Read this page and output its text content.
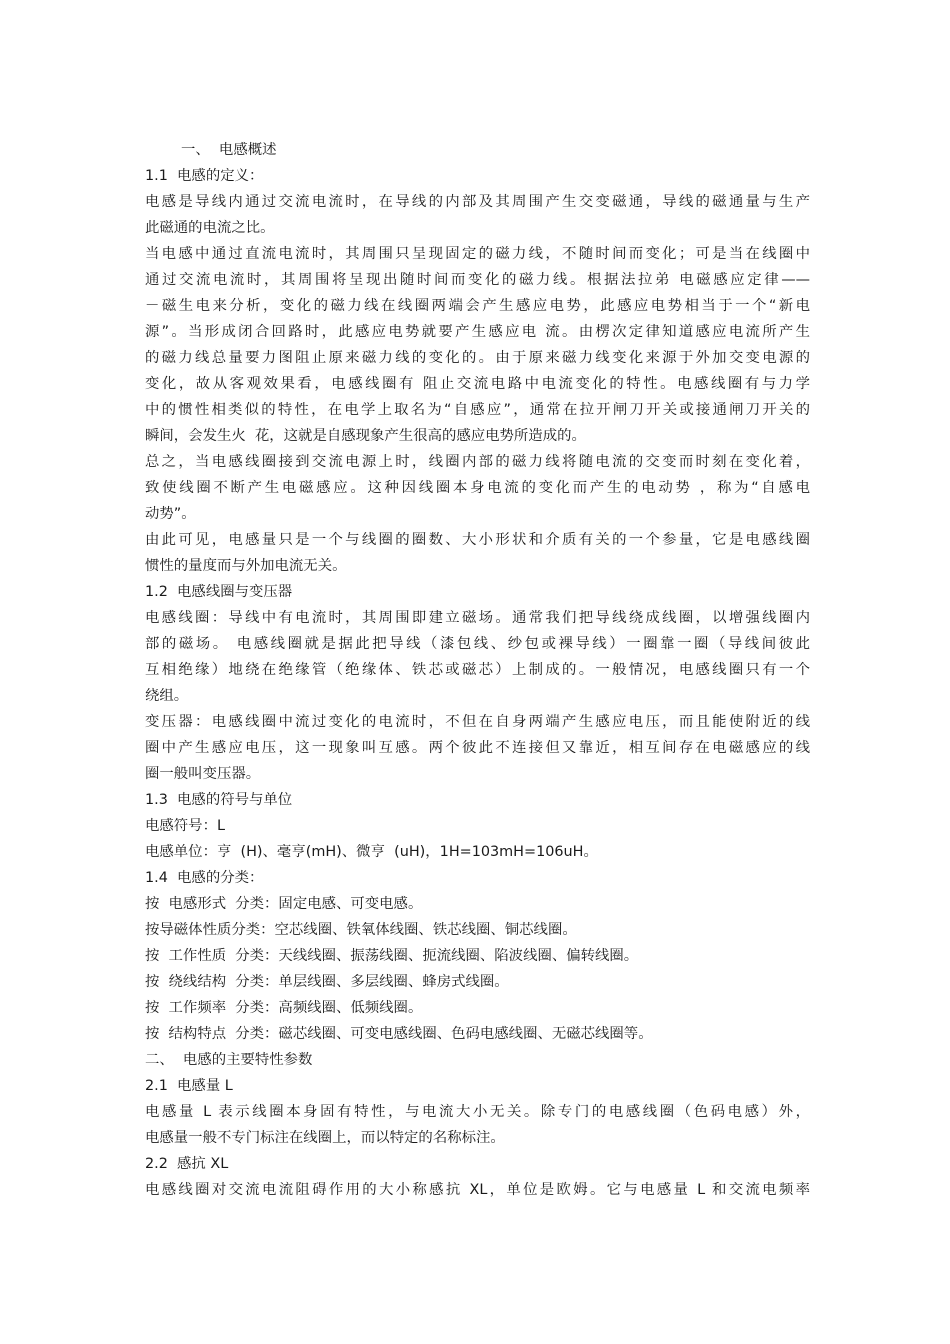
一、  电感概述
1.1  电感的定义：
电感是导线内通过交流电流时，在导线的内部及其周围产生交变磁通，导线的磁通量与生产
此磁通的电流之比。
当电感中通过直流电流时，其周围只呈现固定的磁力线，不随时间而变化；可是当在线圈中
通过交流电流时，其周围将呈现出随时间而变化的磁力线。根据法拉弟 电磁感应定律——
－磁生电来分析，变化的磁力线在线圈两端会产生感应电势，此感应电势相当于一个“新电
源”。当形成闭合回路时，此感应电势就要产生感应电 流。由楞次定律知道感应电流所产生
的磁力线总量要力图阻止原来磁力线的变化的。由于原来磁力线变化来源于外加交变电源的
变化，故从客观效果看，电感线圈有 阻止交流电路中电流变化的特性。电感线圈有与力学
中的惯性相类似的特性，在电学上取名为“自感应”，通常在拉开闸刀开关或接通闸刀开关的
瞬间，会发生火  花，这就是自感现象产生很高的感应电势所造成的。
总之，当电感线圈接到交流电源上时，线圈内部的磁力线将随电流的交变而时刻在变化着，
致使线圈不断产生电磁感应。这种因线圈本身电流的变化而产生的电动势 ，称为“自感电
动势”。
由此可见，电感量只是一个与线圈的圈数、大小形状和介质有关的一个参量，它是电感线圈
惯性的量度而与外加电流无关。
1.2  电感线圈与变压器
电感线圈：导线中有电流时，其周围即建立磁场。通常我们把导线绕成线圈，以增强线圈内
部的磁场。 电感线圈就是据此把导线（漆包线、纱包或裸导线）一圈靠一圈（导线间彼此
互相绝缘）地绕在绝缘管（绝缘体、铁芯或磁芯）上制成的。一般情况，电感线圈只有一个
绕组。
变压器：电感线圈中流过变化的电流时，不但在自身两端产生感应电压，而且能使附近的线
圈中产生感应电压，这一现象叫互感。两个彼此不连接但又靠近，相互间存在电磁感应的线
圈一般叫变压器。
1.3  电感的符号与单位
电感符号：L
电感单位：亨  (H)、毫亨(mH)、微亨  (uH)，1H=103mH=106uH。
1.4  电感的分类：
按  电感形式  分类：固定电感、可变电感。
按导磁体性质分类：空芯线圈、铁氧体线圈、铁芯线圈、铜芯线圈。
按  工作性质  分类：天线线圈、振荡线圈、扼流线圈、陷波线圈、偏转线圈。
按  绕线结构  分类：单层线圈、多层线圈、蜂房式线圈。
按  工作频率  分类：高频线圈、低频线圈。
按  结构特点  分类：磁芯线圈、可变电感线圈、色码电感线圈、无磁芯线圈等。
二、  电感的主要特性参数
2.1  电感量 L
电感量 L 表示线圈本身固有特性，与电流大小无关。除专门的电感线圈（色码电感）外，
电感量一般不专门标注在线圈上，而以特定的名称标注。
2.2  感抗 XL
电感线圈对交流电流阻碍作用的大小称感抗 XL，单位是欧姆。它与电感量 L 和交流电频率
